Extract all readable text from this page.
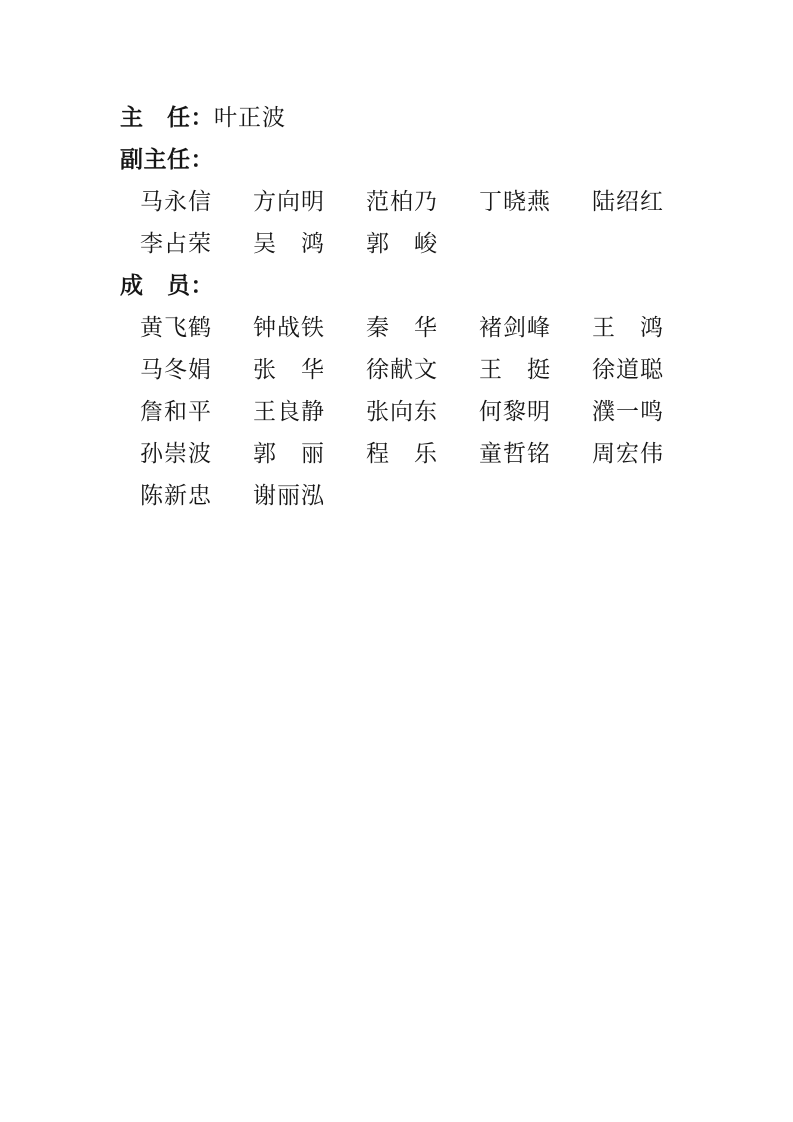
主　任：叶正波
副主任：
马永信	方向明	范柏乃	丁晓燕	陆绍红
李占荣	吴　鸿	郭　峻
成　员：
黄飞鹤	钟战铁	秦　华	褚剑峰	王　鸿
马冬娟	张　华	徐献文	王　挺	徐道聪
詹和平	王良静	张向东	何黎明	濮一鸣
孙崇波	郭　丽	程　乐	童哲铭	周宏伟
陈新忠	谢丽泓
